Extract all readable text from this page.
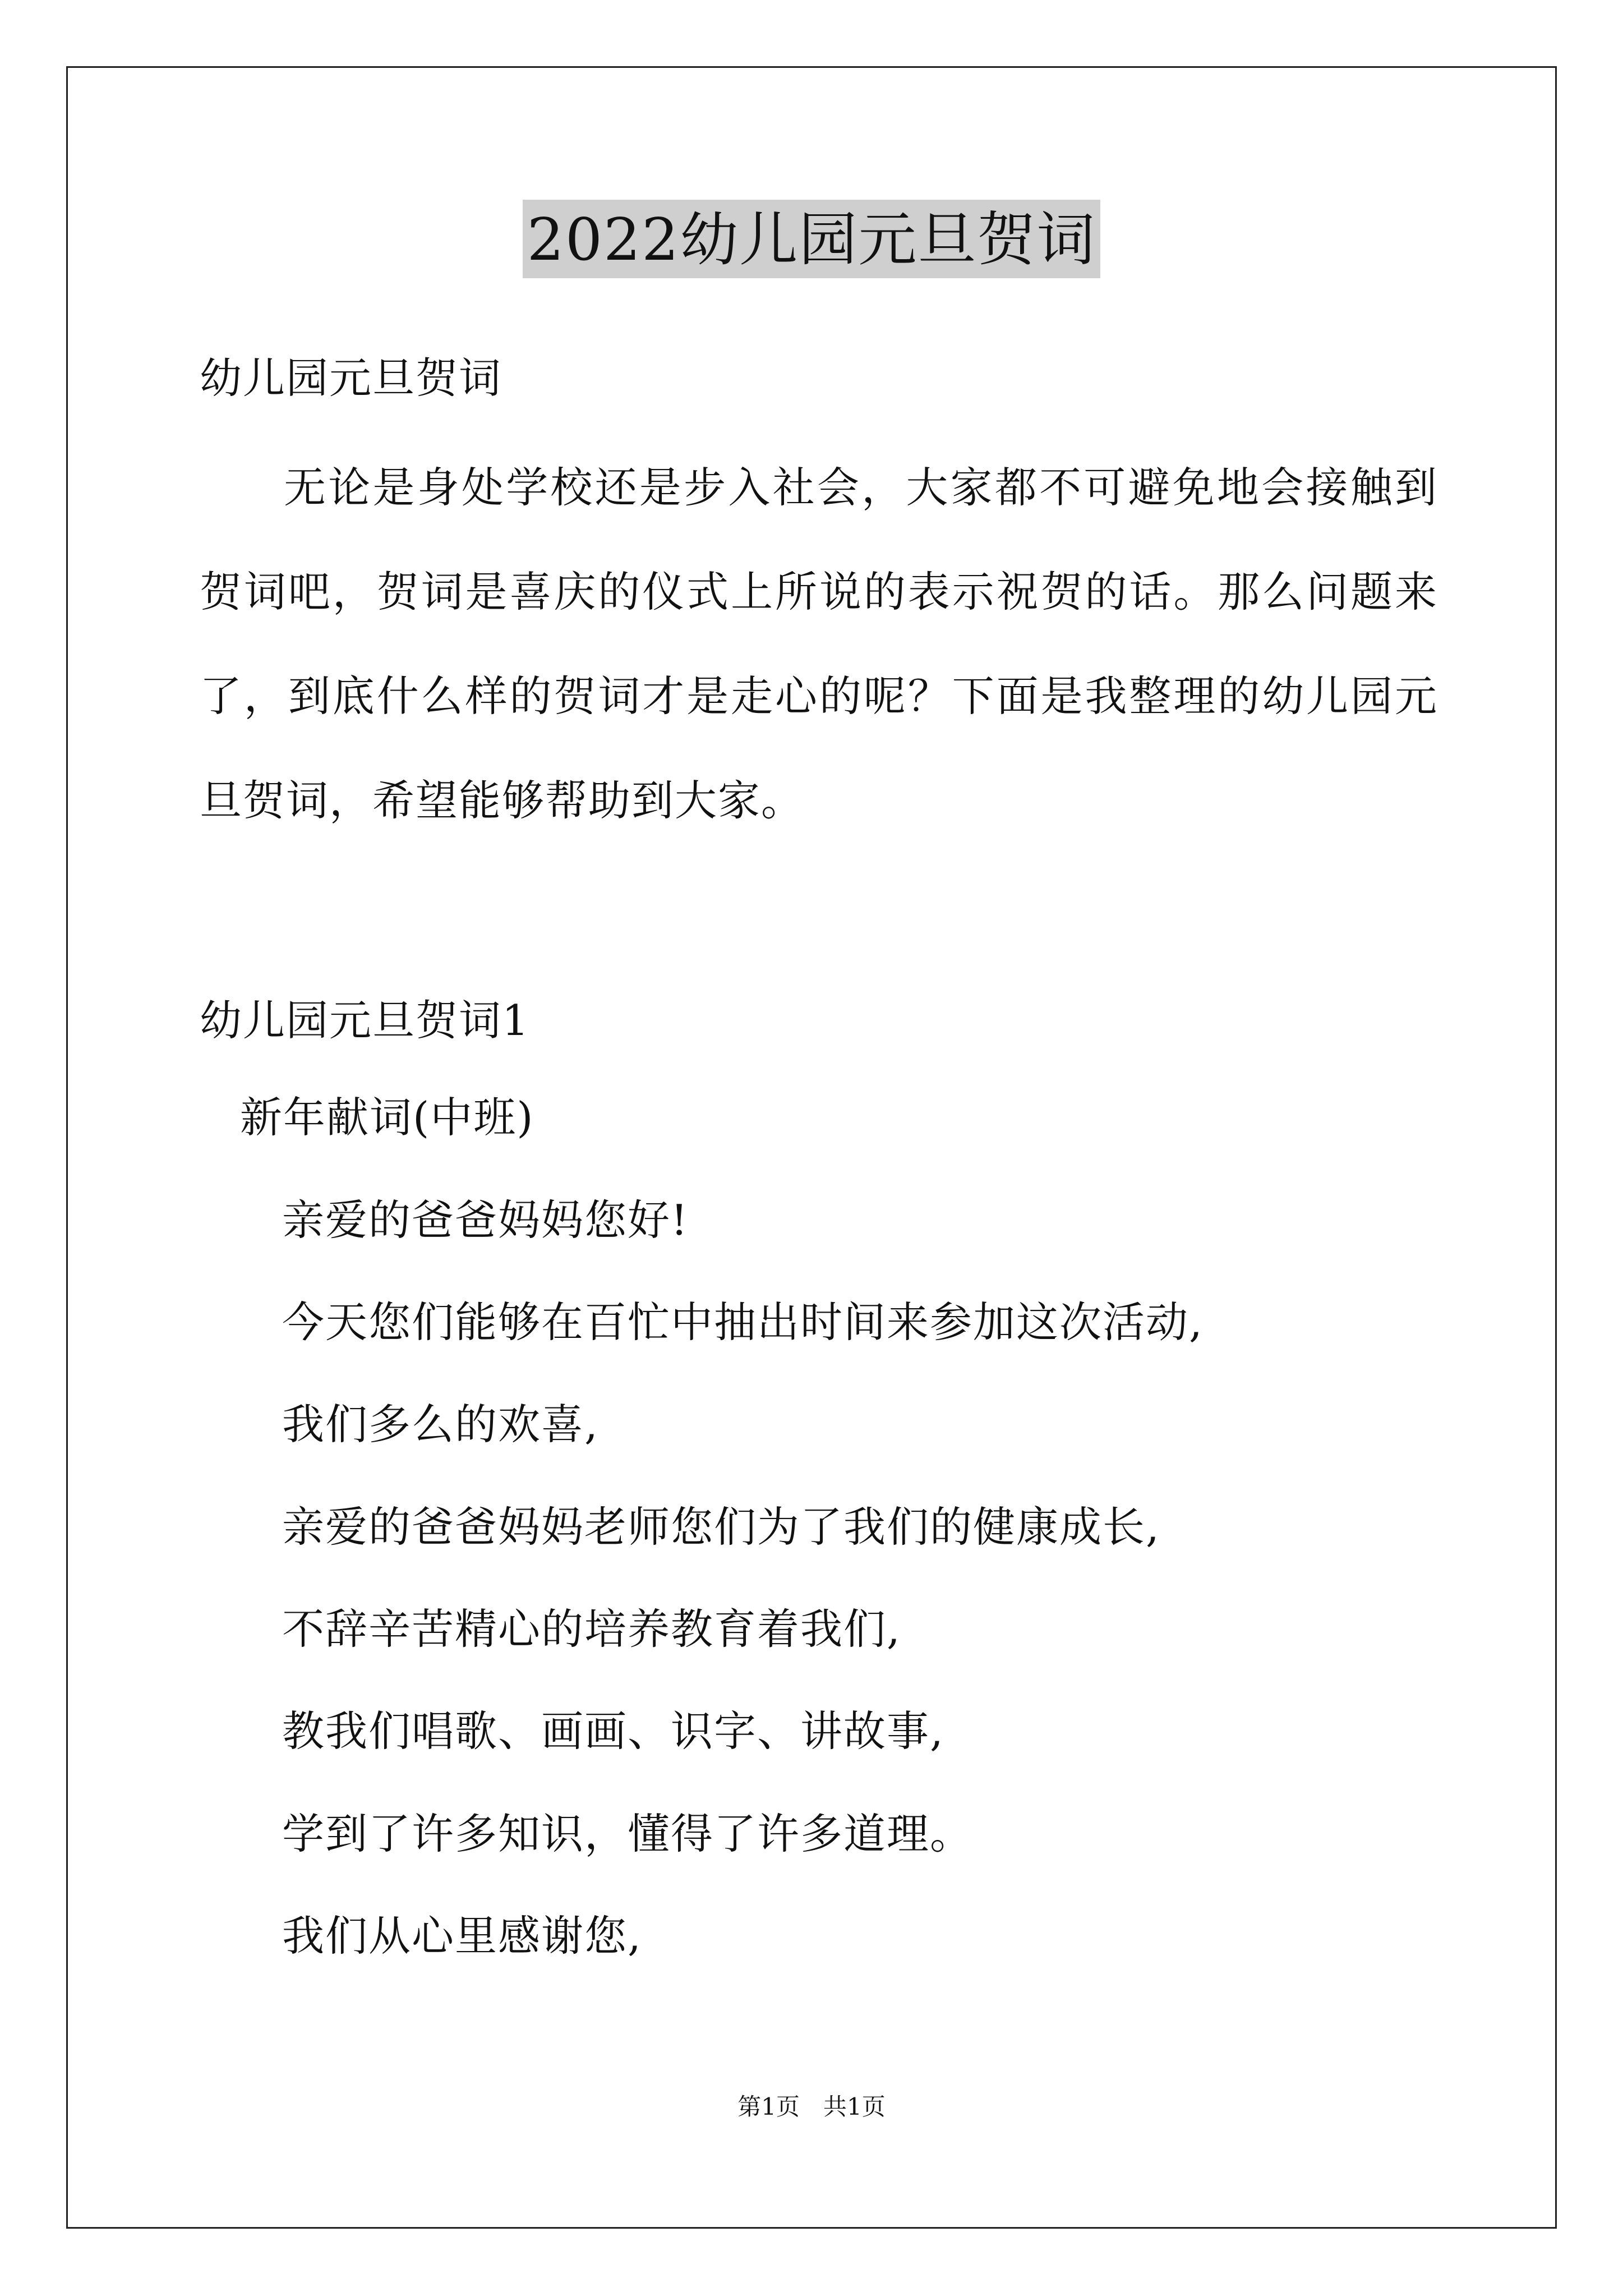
2022幼儿园元旦贺词
幼儿园元旦贺词
无论是身处学校还是步入社会，大家都不可避免地会接触到贺词吧，贺词是喜庆的仪式上所说的表示祝贺的话。那么问题来了，到底什么样的贺词才是走心的呢？下面是我整理的幼儿园元旦贺词，希望能够帮助到大家。
幼儿园元旦贺词1
新年献词(中班)
亲爱的爸爸妈妈您好!
今天您们能够在百忙中抽出时间来参加这次活动,
我们多么的欢喜,
亲爱的爸爸妈妈老师您们为了我们的健康成长,
不辞辛苦精心的培养教育着我们,
教我们唱歌、画画、识字、讲故事,
学到了许多知识，懂得了许多道理。
我们从心里感谢您,
第1页　共1页
